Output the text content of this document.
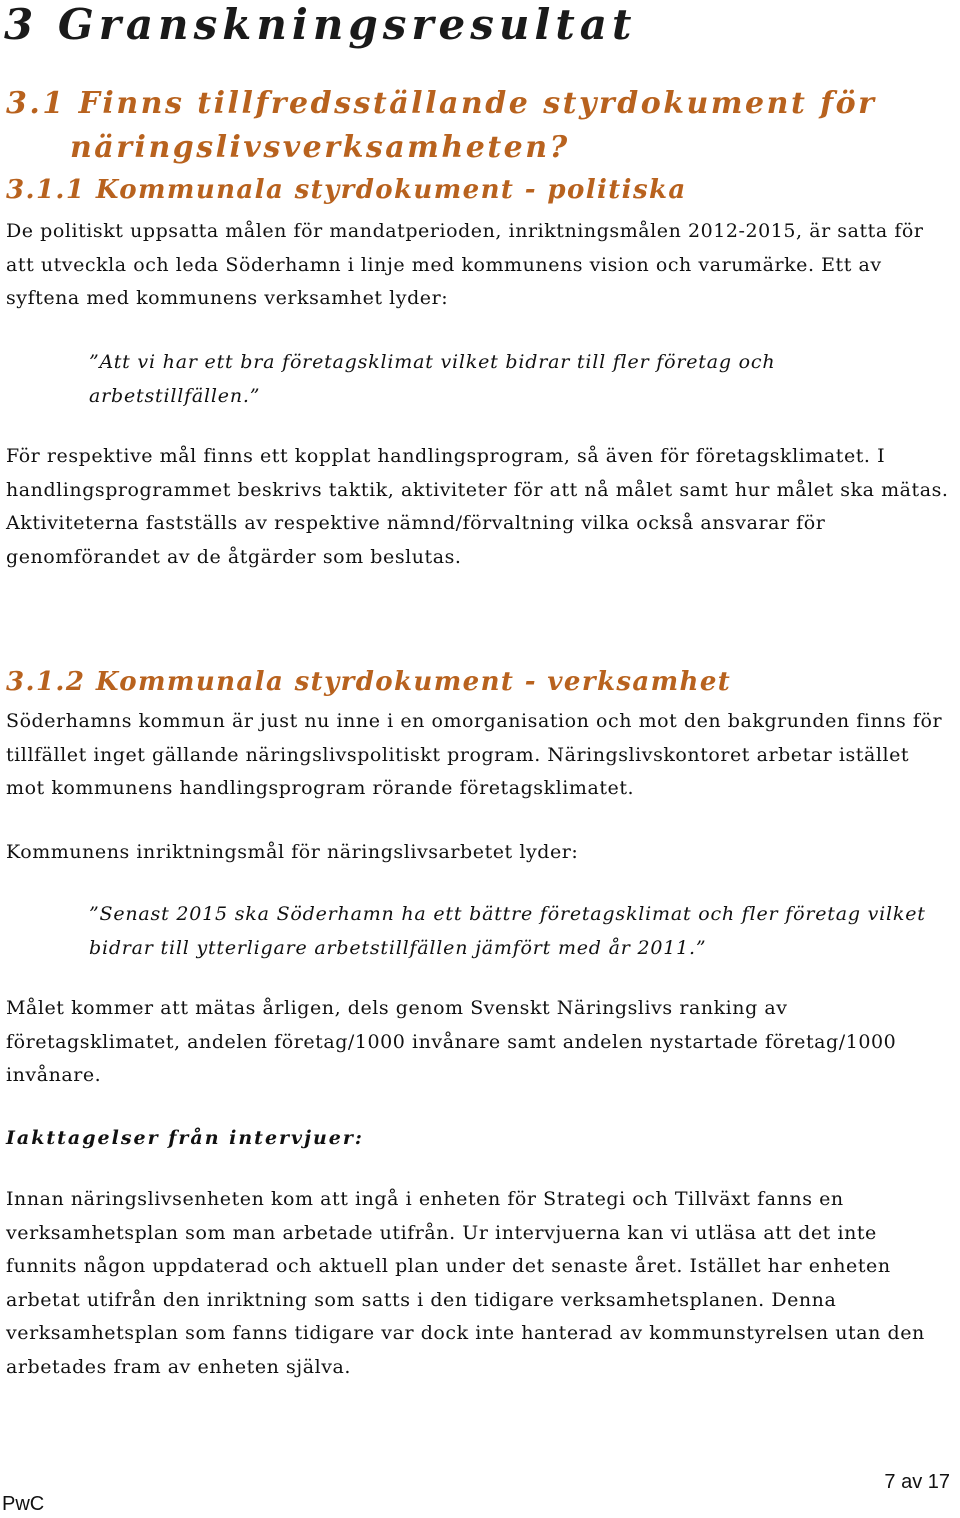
3 Granskningsresultat
3.1 Finns tillfredsställande styrdokument för
näringslivsverksamheten?
3.1.1 Kommunala styrdokument - politiska

De politiskt uppsatta målen för mandatperioden, inriktningsmålen 2012-2015, är satta för att utveckla och leda Söderhamn i linje med kommunens vision och varumärke. Ett av syftena med kommunens verksamhet lyder:

”Att vi har ett bra företagsklimat vilket bidrar till fler företag och arbetstillfällen.”

För respektive mål finns ett kopplat handlingsprogram, så även för företagsklimatet. I handlingsprogrammet beskrivs taktik, aktiviteter för att nå målet samt hur målet ska mätas. Aktiviteterna fastställs av respektive nämnd/förvaltning vilka också ansvarar för genomförandet av de åtgärder som beslutas.

3.1.2 Kommunala styrdokument - verksamhet

Söderhamns kommun är just nu inne i en omorganisation och mot den bakgrunden finns för tillfället inget gällande näringslivspolitiskt program. Näringslivskontoret arbetar istället mot kommunens handlingsprogram rörande företagsklimatet.

Kommunens inriktningsmål för näringslivsarbetet lyder:

”Senast 2015 ska Söderhamn ha ett bättre företagsklimat och fler företag vilket bidrar till ytterligare arbetstillfällen jämfört med år 2011.”

Målet kommer att mätas årligen, dels genom Svenskt Näringslivs ranking av företagsklimatet, andelen företag/1000 invånare samt andelen nystartade företag/1000 invånare.

Iakttagelser från intervjuer:

Innan näringslivsenheten kom att ingå i enheten för Strategi och Tillväxt fanns en verksamhetsplan som man arbetade utifrån. Ur intervjuerna kan vi utläsa att det inte funnits någon uppdaterad och aktuell plan under det senaste året. Istället har enheten arbetat utifrån den inriktning som satts i den tidigare verksamhetsplanen. Denna verksamhetsplan som fanns tidigare var dock inte hanterad av kommunstyrelsen utan den arbetades fram av enheten själva.

PwC
7 av 17
